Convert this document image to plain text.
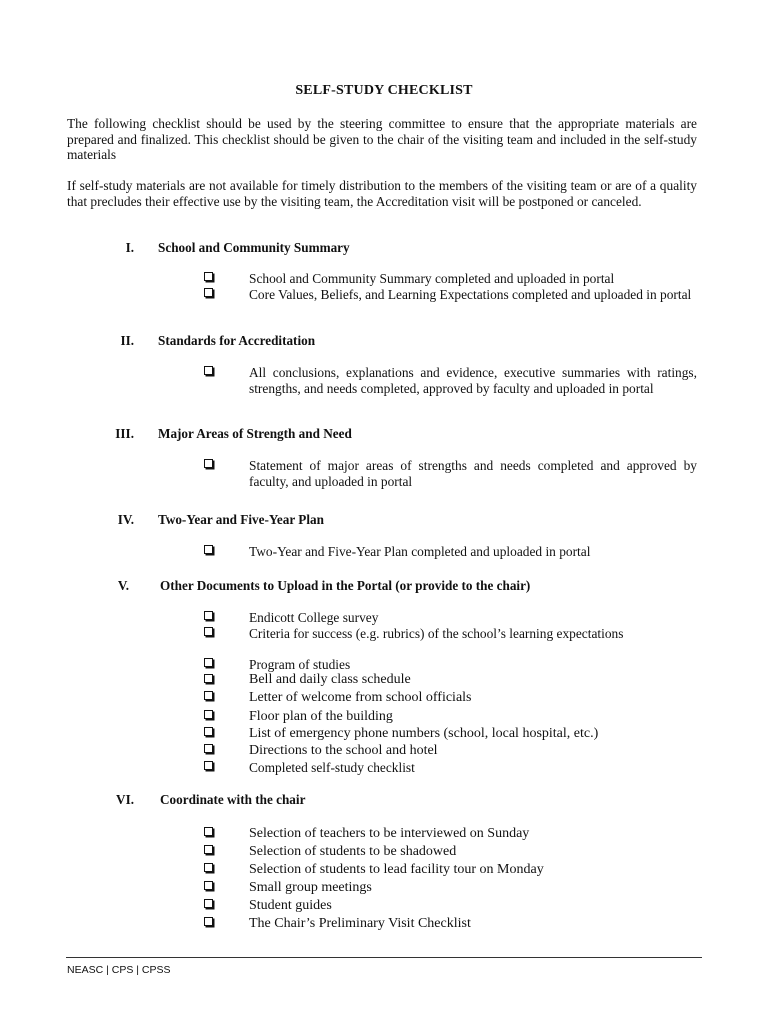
SELF-STUDY CHECKLIST

The following checklist should be used by the steering committee to ensure that the appropriate materials are prepared and finalized. This checklist should be given to the chair of the visiting team and included in the self-study materials

If self-study materials are not available for timely distribution to the members of the visiting team or are of a quality that precludes their effective use by the visiting team, the Accreditation visit will be postponed or canceled.

I. School and Community Summary

School and Community Summary completed and uploaded in portal

Core Values, Beliefs, and Learning Expectations completed and uploaded in portal

II. Standards for Accreditation

All conclusions, explanations and evidence, executive summaries with ratings, strengths, and needs completed, approved by faculty and uploaded in portal

III. Major Areas of Strength and Need

Statement of major areas of strengths and needs completed and approved by faculty, and uploaded in portal

IV. Two-Year and Five-Year Plan

Two-Year and Five-Year Plan completed and uploaded in portal

V. Other Documents to Upload in the Portal (or provide to the chair)

Endicott College survey

Criteria for success (e.g. rubrics) of the school’s learning expectations

Program of studies

Bell and daily class schedule

Letter of welcome from school officials

Floor plan of the building

List of emergency phone numbers (school, local hospital, etc.)

Directions to the school and hotel

Completed self-study checklist

VI. Coordinate with the chair

Selection of teachers to be interviewed on Sunday

Selection of students to be shadowed

Selection of students to lead facility tour on Monday

Small group meetings

Student guides

The Chair’s Preliminary Visit Checklist

NEASC | CPS | CPSS
